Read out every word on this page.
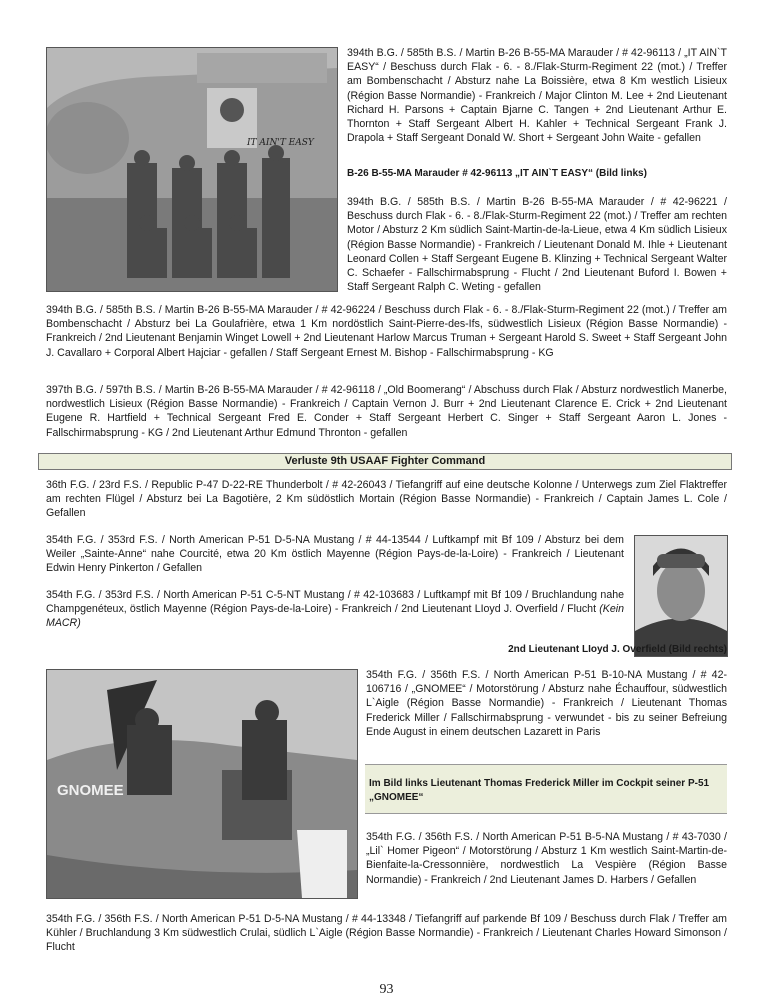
IT AIN'T EASY

394th B.G. / 585th B.S. / Martin B-26 B-55-MA Marauder / # 42-96113 / „IT AIN`T EASY“ / Beschuss durch Flak - 6. - 8./Flak-Sturm-Regiment 22 (mot.) / Treffer am Bombenschacht / Absturz nahe La Boissière, etwa 8 Km westlich Lisieux (Région Basse Normandie) - Frankreich / Major Clinton M. Lee + 2nd Lieutenant Richard H. Parsons + Captain Bjarne C. Tangen + 2nd Lieutenant Arthur E. Thornton + Staff Sergeant Albert H. Kahler + Technical Sergeant Frank J. Drapola + Staff Sergeant Donald W. Short + Sergeant John Waite - gefallen

B-26 B-55-MA Marauder # 42-96113 „IT AIN`T EASY“ (Bild links)

394th B.G. / 585th B.S. / Martin B-26 B-55-MA Marauder / # 42-96221 / Beschuss durch Flak - 6. - 8./Flak-Sturm-Regiment 22 (mot.) / Treffer am rechten Motor / Absturz 2 Km südlich Saint-Martin-de-la-Lieue, etwa 4 Km südlich Lisieux (Région Basse Normandie) - Frankreich / Lieutenant Donald M. Ihle + Lieutenant Leonard Collen + Staff Sergeant Eugene B. Klinzing + Technical Sergeant Walter C. Schaefer - Fallschirmabsprung - Flucht / 2nd Lieutenant Buford I. Bowen + Staff Sergeant Ralph C. Weting - gefallen

394th B.G. / 585th B.S. / Martin B-26 B-55-MA Marauder / # 42-96224 / Beschuss durch Flak - 6. - 8./Flak-Sturm-Regiment 22 (mot.) / Treffer am Bombenschacht / Absturz bei La Goulafrière, etwa 1 Km nordöstlich Saint-Pierre-des-Ifs, südwestlich Lisieux (Région Basse Normandie) - Frankreich / 2nd Lieutenant Benjamin Winget Lowell + 2nd Lieutenant Harlow Marcus Truman + Sergeant Harold S. Sweet + Staff Sergeant John J. Cavallaro + Corporal Albert Hajciar - gefallen / Staff Sergeant Ernest M. Bishop - Fallschirmabsprung - KG

397th B.G. / 597th B.S. / Martin B-26 B-55-MA Marauder / # 42-96118 / „Old Boomerang“ / Abschuss durch Flak / Absturz nordwestlich Manerbe, nordwestlich Lisieux (Région Basse Normandie) - Frankreich / Captain Vernon J. Burr + 2nd Lieutenant Clarence E. Crick + 2nd Lieutenant Eugene R. Hartfield + Technical Sergeant Fred E. Conder + Staff Sergeant Herbert C. Singer + Staff Sergeant Aaron L. Jones - Fallschirmabsprung - KG / 2nd Lieutenant Arthur Edmund Thronton - gefallen

Verluste 9th USAAF Fighter Command

36th F.G. / 23rd F.S. / Republic P-47 D-22-RE Thunderbolt / # 42-26043 / Tiefangriff auf eine deutsche Kolonne / Unterwegs zum Ziel Flaktreffer am rechten Flügel / Absturz bei La Bagotière, 2 Km südöstlich Mortain (Région Basse Normandie) - Frankreich / Captain James L. Cole / Gefallen

354th F.G. / 353rd F.S. / North American P-51 D-5-NA Mustang / # 44-13544 / Luftkampf mit Bf 109 / Absturz bei dem Weiler „Sainte-Anne“ nahe Courcité, etwa 20 Km östlich Mayenne (Région Pays-de-la-Loire) - Frankreich / Lieutenant Edwin Henry Pinkerton / Gefallen

354th F.G. / 353rd F.S. / North American P-51 C-5-NT Mustang / # 42-103683 / Luftkampf mit Bf 109 / Bruchlandung nahe Champgenéteux, östlich Mayenne (Région Pays-de-la-Loire) - Frankreich / 2nd Lieutenant LIoyd J. Overfield / Flucht (Kein MACR)

2nd Lieutenant LIoyd J. Overfield (Bild rechts)

GNOMEE

354th F.G. / 356th F.S. / North American P-51 B-10-NA Mustang / # 42-106716 / „GNOMEE“ / Motorstörung / Absturz nahe Échauffour, südwestlich L`Aigle (Région Basse Normandie) - Frankreich / Lieutenant Thomas Frederick Miller / Fallschirmabsprung - verwundet - bis zu seiner Befreiung Ende August in einem deutschen Lazarett in Paris

Im Bild links Lieutenant Thomas Frederick Miller im Cockpit seiner P-51 „GNOMEE“

354th F.G. / 356th F.S. / North American P-51 B-5-NA Mustang / # 43-7030 / „Lil` Homer Pigeon“ / Motorstörung / Absturz 1 Km westlich Saint-Martin-de-Bienfaite-la-Cressonnière, nordwestlich La Vespière (Région Basse Normandie) - Frankreich / 2nd Lieutenant James D. Harbers / Gefallen

354th F.G. / 356th F.S. / North American P-51 D-5-NA Mustang / # 44-13348 / Tiefangriff auf parkende Bf 109 / Beschuss durch Flak / Treffer am Kühler / Bruchlandung 3 Km südwestlich Crulai, südlich L`Aigle (Région Basse Normandie) - Frankreich / Lieutenant Charles Howard Simonson / Flucht

93
